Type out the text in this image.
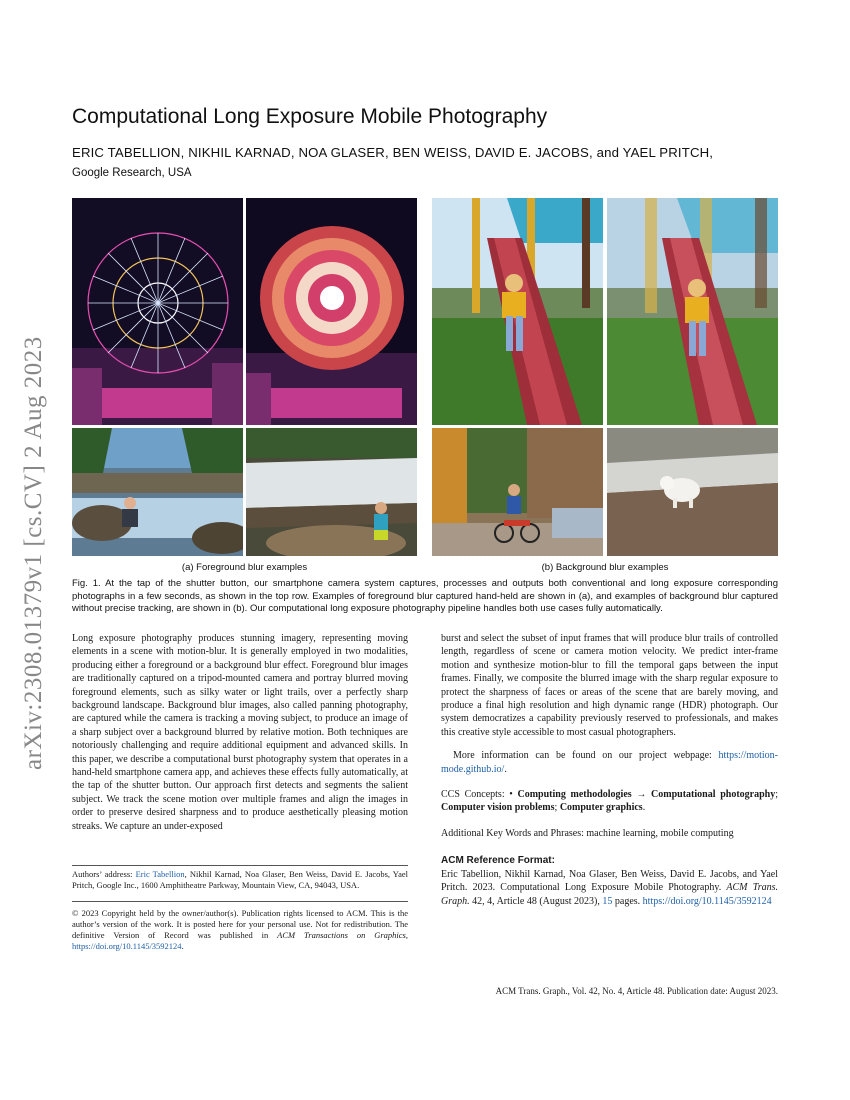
arXiv:2308.01379v1 [cs.CV] 2 Aug 2023
Computational Long Exposure Mobile Photography
ERIC TABELLION, NIKHIL KARNAD, NOA GLASER, BEN WEISS, DAVID E. JACOBS, and YAEL PRITCH,
Google Research, USA
(a) Foreground blur examples	(b) Background blur examples
Fig. 1. At the tap of the shutter button, our smartphone camera system captures, processes and outputs both conventional and long exposure corresponding photographs in a few seconds, as shown in the top row. Examples of foreground blur captured hand-held are shown in (a), and examples of background blur captured without precise tracking, are shown in (b). Our computational long exposure photography pipeline handles both use cases fully automatically.

Long exposure photography produces stunning imagery, representing moving elements in a scene with motion-blur. It is generally employed in two modalities, producing either a foreground or a background blur effect. Foreground blur images are traditionally captured on a tripod-mounted camera and portray blurred moving foreground elements, such as silky water or light trails, over a perfectly sharp background landscape. Background blur images, also called panning photography, are captured while the camera is tracking a moving subject, to produce an image of a sharp subject over a background blurred by relative motion. Both techniques are notoriously challenging and require additional equipment and advanced skills. In this paper, we describe a computational burst photography system that operates in a hand-held smartphone camera app, and achieves these effects fully automatically, at the tap of the shutter button. Our approach first detects and segments the salient subject. We track the scene motion over multiple frames and align the images in order to preserve desired sharpness and to produce aesthetically pleasing motion streaks. We capture an under-exposed

burst and select the subset of input frames that will produce blur trails of controlled length, regardless of scene or camera motion velocity. We predict inter-frame motion and synthesize motion-blur to fill the temporal gaps between the input frames. Finally, we composite the blurred image with the sharp regular exposure to protect the sharpness of faces or areas of the scene that are barely moving, and produce a final high resolution and high dynamic range (HDR) photograph. Our system democratizes a capability previously reserved to professionals, and makes this creative style accessible to most casual photographers.

More information can be found on our project webpage: https://motion-mode.github.io/.

CCS Concepts: • Computing methodologies → Computational photography; Computer vision problems; Computer graphics.

Additional Key Words and Phrases: machine learning, mobile computing

ACM Reference Format:

Eric Tabellion, Nikhil Karnad, Noa Glaser, Ben Weiss, David E. Jacobs, and Yael Pritch. 2023. Computational Long Exposure Mobile Photography. ACM Trans. Graph. 42, 4, Article 48 (August 2023), 15 pages. https://doi.org/10.1145/3592124

Authors’ address: Eric Tabellion, Nikhil Karnad, Noa Glaser, Ben Weiss, David E. Jacobs, Yael Pritch, Google Inc., 1600 Amphitheatre Parkway, Mountain View, CA, 94043, USA.
© 2023 Copyright held by the owner/author(s). Publication rights licensed to ACM. This is the author’s version of the work. It is posted here for your personal use. Not for redistribution. The definitive Version of Record was published in ACM Transactions on Graphics, https://doi.org/10.1145/3592124.
ACM Trans. Graph., Vol. 42, No. 4, Article 48. Publication date: August 2023.
